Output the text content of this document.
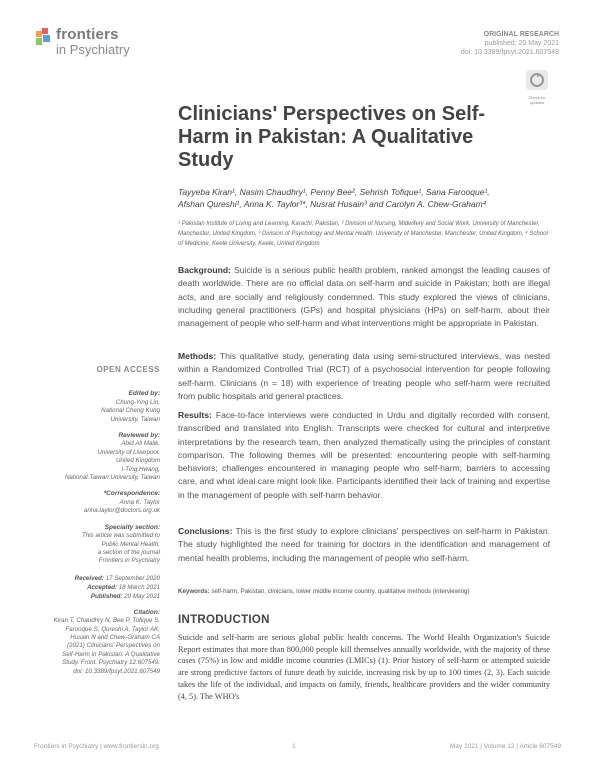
frontiers
in Psychiatry
ORIGINAL RESEARCH
published: 20 May 2021
doi: 10.3389/fpsyt.2021.607549
Check for
updates
Clinicians' Perspectives on Self-Harm in Pakistan: A Qualitative Study
Tayyeba Kiran¹, Nasim Chaudhry¹, Penny Bee², Sehrish Tofique¹, Sana Farooque¹,
Afshan Qureshi¹, Anna K. Taylor³*, Nusrat Husain³ and Carolyn A. Chew-Graham⁴
¹ Pakistan Institute of Living and Learning, Karachi, Pakistan, ² Division of Nursing, Midwifery and Social Work, University of Manchester, Manchester, United Kingdom, ³ Division of Psychology and Mental Health, University of Manchester, Manchester, United Kingdom, ⁴ School of Medicine, Keele University, Keele, United Kingdom

Background: Suicide is a serious public health problem, ranked amongst the leading causes of death worldwide. There are no official data on self-harm and suicide in Pakistan; both are illegal acts, and are socially and religiously condemned. This study explored the views of clinicians, including general practitioners (GPs) and hospital physicians (HPs) on self-harm, about their management of people who self-harm and what interventions might be appropriate in Pakistan.

Methods: This qualitative study, generating data using semi-structured interviews, was nested within a Randomized Controlled Trial (RCT) of a psychosocial intervention for people following self-harm. Clinicians (n = 18) with experience of treating people who self-harm were recruited from public hospitals and general practices.

Results: Face-to-face interviews were conducted in Urdu and digitally recorded with consent, transcribed and translated into English. Transcripts were checked for cultural and interpretive interpretations by the research team, then analyzed thematically using the principles of constant comparison. The following themes will be presented: encountering people with self-harming behaviors; challenges encountered in managing people who self-harm; barriers to accessing care, and what ideal care might look like. Participants identified their lack of training and expertise in the management of people with self-harm behavior.

Conclusions: This is the first study to explore clinicians' perspectives on self-harm in Pakistan. The study highlighted the need for training for doctors in the identification and management of mental health problems, including the management of people who self-harm.

Keywords: self-harm, Pakistan, clinicians, lower middle income country, qualitative methods (interviewing)
INTRODUCTION

Suicide and self-harm are serious global public health concerns. The World Health Organization's Suicide Report estimates that more than 800,000 people kill themselves annually worldwide, with the majority of these cases (75%) in low and middle income countries (LMICs) (1). Prior history of self-harm or attempted suicide are strong predictive factors of future death by suicide, increasing risk by up to 100 times (2, 3). Each suicide takes the life of the individual, and impacts on family, friends, healthcare providers and the wider community (4, 5). The WHO's

OPEN ACCESS
Edited by:
Chung-Ying Lin,
National Cheng Kung
University, Taiwan
Reviewed by:
Abid Ali Malik,
University of Liverpool,
United Kingdom
I-Ting Hwang,
National Taiwan University, Taiwan
*Correspondence:
Anna K. Taylor
anna.taylor@doctors.org.uk
Specialty section:
This article was submitted to
Public Mental Health,
a section of the journal
Frontiers in Psychiatry
Received: 17 September 2020
Accepted: 18 March 2021
Published: 20 May 2021
Citation:
Kiran T, Chaudhry N, Bee P, Tofique S,
Farooque S, Qureshi A, Taylor AK,
Husain N and Chew-Graham CA
(2021) Clinicians' Perspectives on
Self-Harm in Pakistan: A Qualitative
Study. Front. Psychiatry 12:607549.
doi: 10.3389/fpsyt.2021.607549
Frontiers in Psychiatry | www.frontiersin.org	1	May 2021 | Volume 12 | Article 607549
